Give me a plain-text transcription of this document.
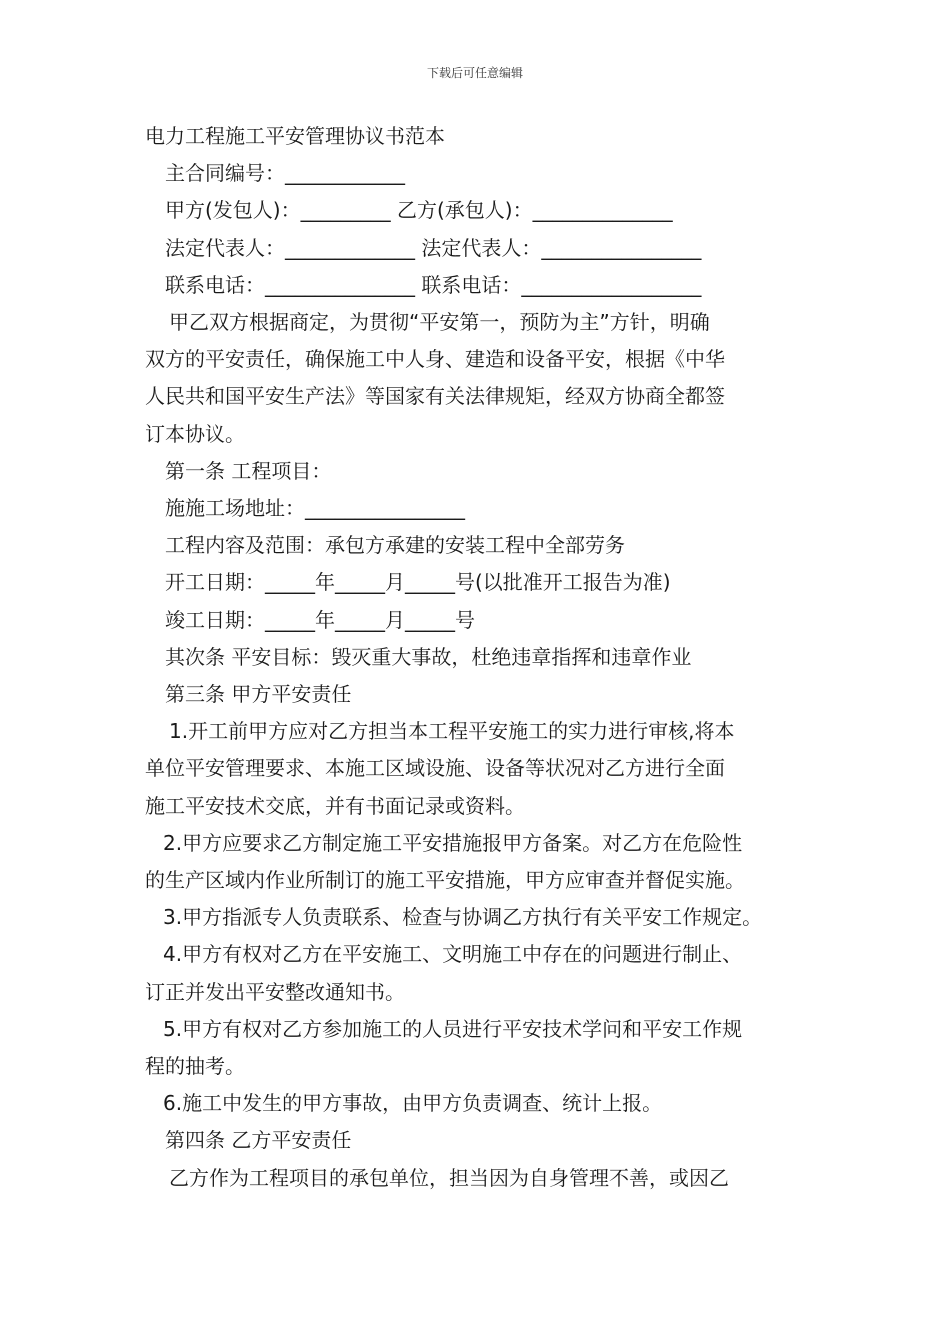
下载后可任意编辑

电力工程施工平安管理协议书范本

主合同编号：____________

甲方(发包人)：_________ 乙方(承包人)：______________

法定代表人：_____________ 法定代表人：________________

联系电话：_______________ 联系电话：__________________

甲乙双方根据商定，为贯彻“平安第一，预防为主”方针，明确

双方的平安责任，确保施工中人身、建造和设备平安，根据《中华

人民共和国平安生产法》等国家有关法律规矩，经双方协商全都签

订本协议。

第一条 工程项目：

施施工场地址：________________

工程内容及范围：承包方承建的安装工程中全部劳务

开工日期：_____年_____月_____号(以批准开工报告为准)

竣工日期：_____年_____月_____号

其次条 平安目标：毁灭重大事故，杜绝违章指挥和违章作业

第三条 甲方平安责任

1.开工前甲方应对乙方担当本工程平安施工的实力进行审核,将本

单位平安管理要求、本施工区域设施、设备等状况对乙方进行全面

施工平安技术交底，并有书面记录或资料。

2.甲方应要求乙方制定施工平安措施报甲方备案。对乙方在危险性

的生产区域内作业所制订的施工平安措施，甲方应审查并督促实施。

3.甲方指派专人负责联系、检查与协调乙方执行有关平安工作规定。

4.甲方有权对乙方在平安施工、文明施工中存在的问题进行制止、

订正并发出平安整改通知书。

5.甲方有权对乙方参加施工的人员进行平安技术学问和平安工作规

程的抽考。

6.施工中发生的甲方事故，由甲方负责调查、统计上报。

第四条 乙方平安责任

乙方作为工程项目的承包单位，担当因为自身管理不善，或因乙
